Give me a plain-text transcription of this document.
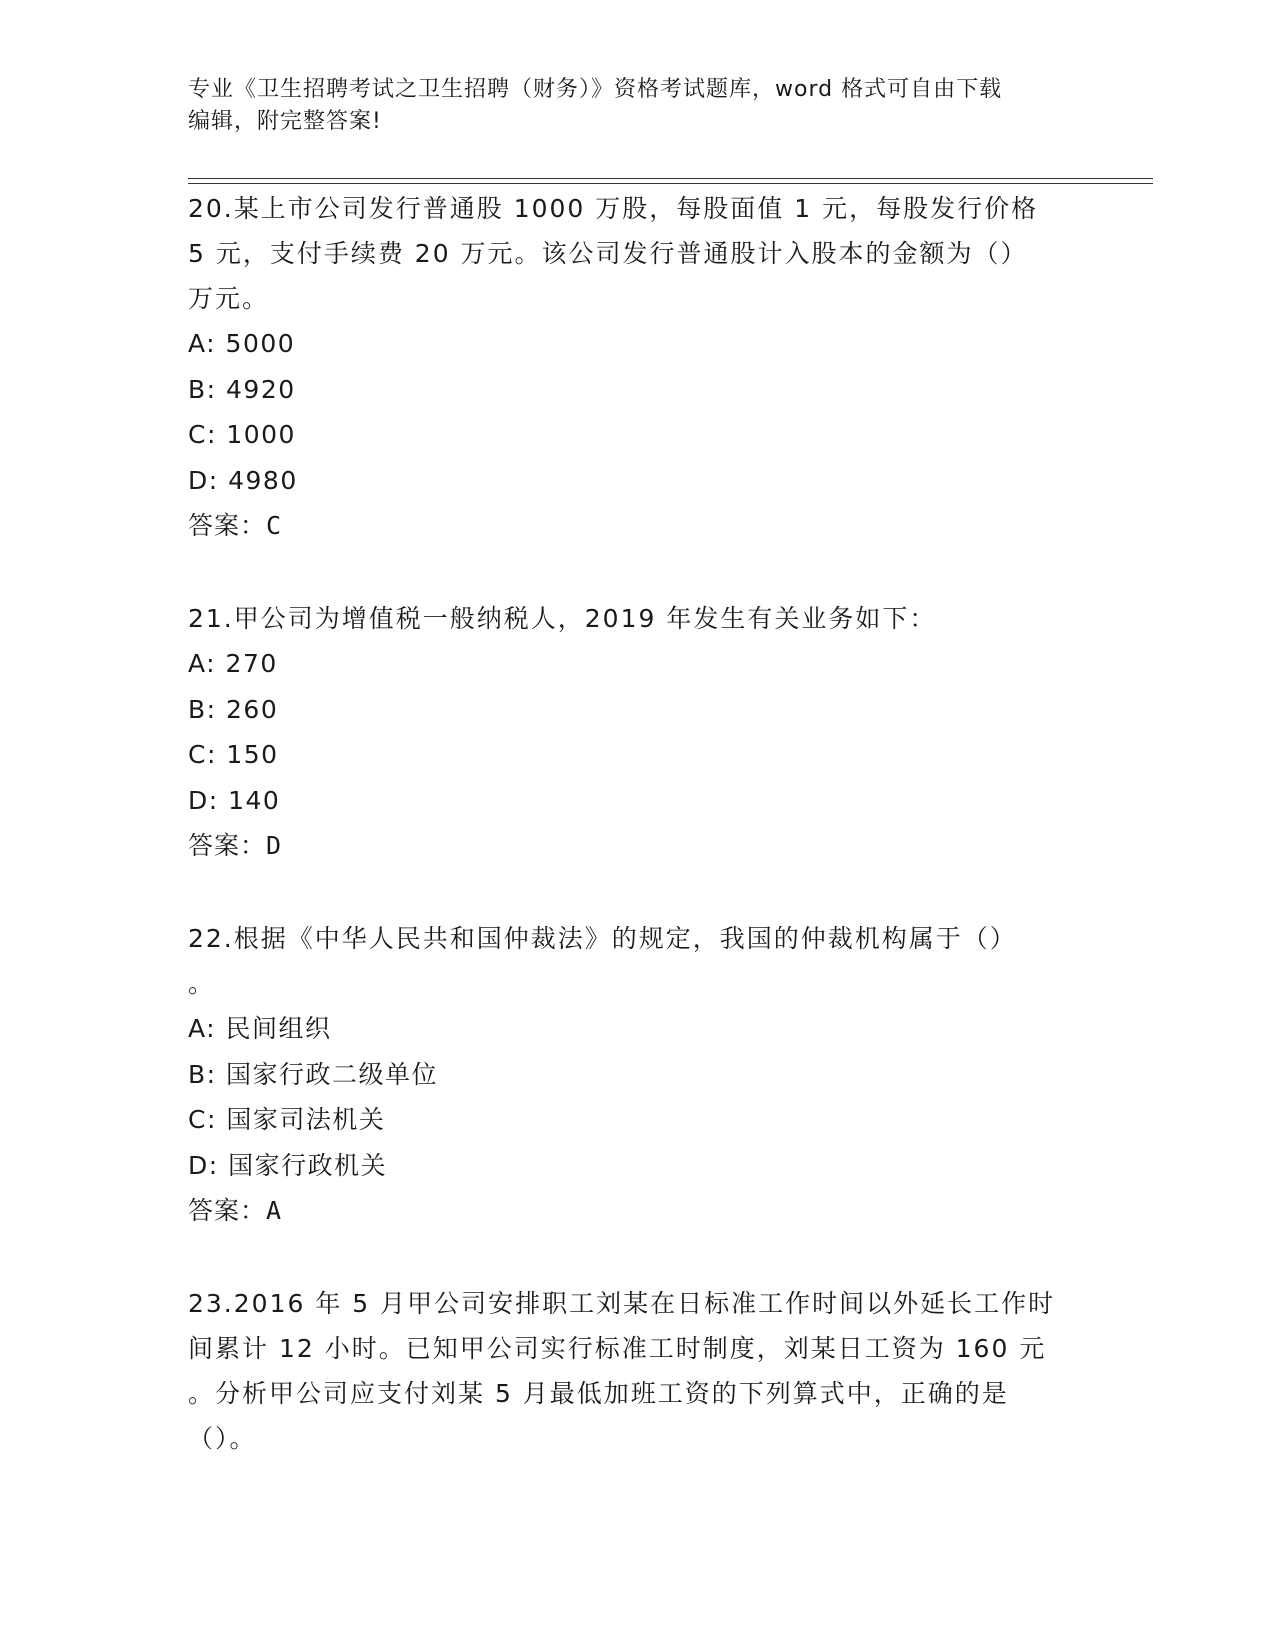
专业《卫生招聘考试之卫生招聘（财务）》资格考试题库，word 格式可自由下载
编辑，附完整答案!

20.某上市公司发行普通股 1000 万股，每股面值 1 元，每股发行价格

5 元，支付手续费 20 万元。该公司发行普通股计入股本的金额为（）

万元。

A: 5000

B: 4920

C: 1000

D: 4980

答案：C

21.甲公司为增值税一般纳税人，2019 年发生有关业务如下：

A: 270

B: 260

C: 150

D: 140

答案：D

22.根据《中华人民共和国仲裁法》的规定，我国的仲裁机构属于（）

。

A: 民间组织

B: 国家行政二级单位

C: 国家司法机关

D: 国家行政机关

答案：A

23.2016 年 5 月甲公司安排职工刘某在日标准工作时间以外延长工作时

间累计 12 小时。已知甲公司实行标准工时制度，刘某日工资为 160 元

。分析甲公司应支付刘某 5 月最低加班工资的下列算式中，正确的是

（）。
